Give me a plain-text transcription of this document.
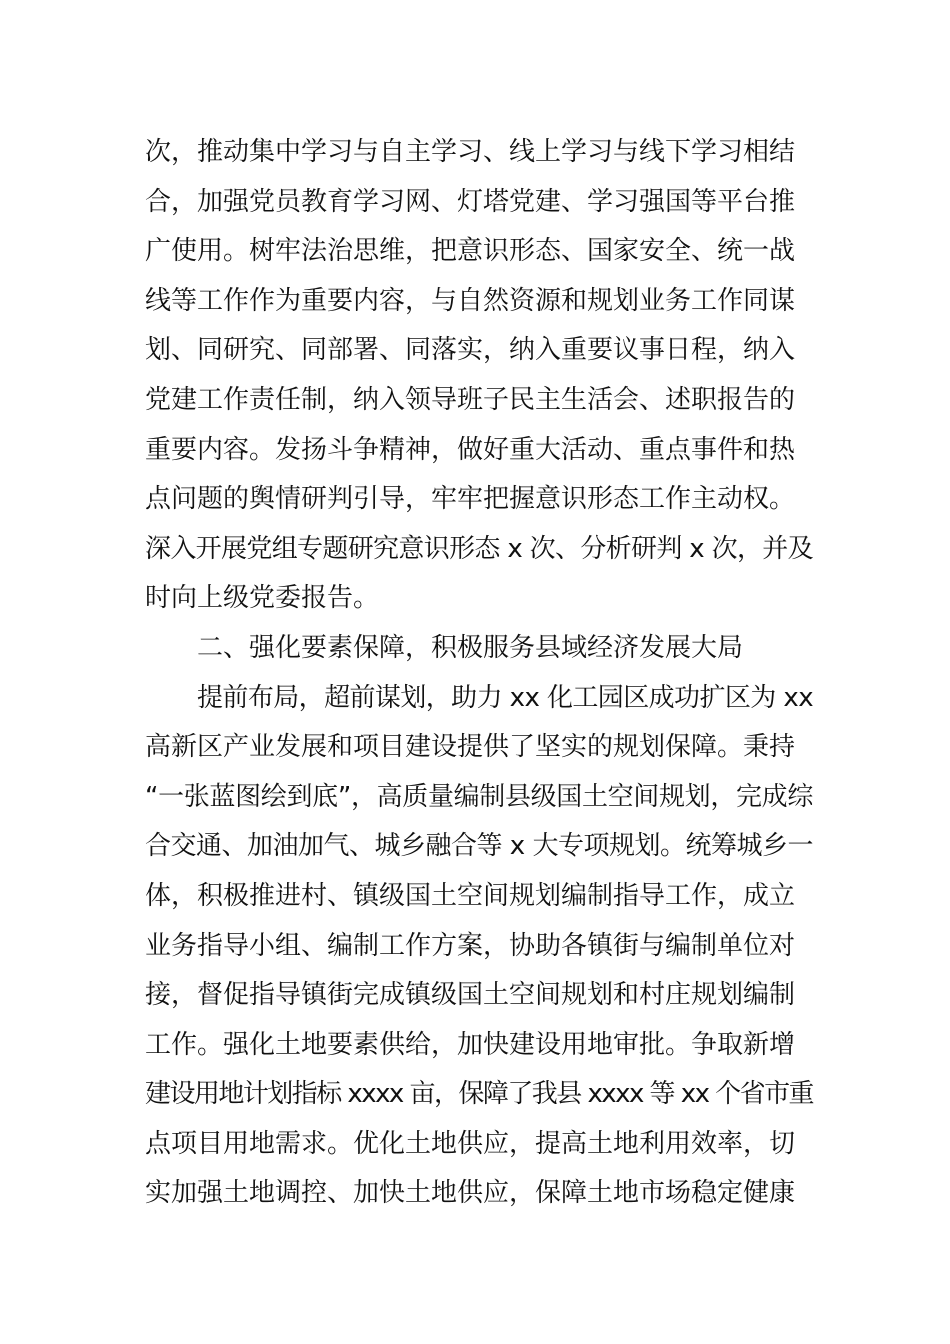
次，推动集中学习与自主学习、线上学习与线下学习相结
合，加强党员教育学习网、灯塔党建、学习强国等平台推
广使用。树牢法治思维，把意识形态、国家安全、统一战
线等工作作为重要内容，与自然资源和规划业务工作同谋
划、同研究、同部署、同落实，纳入重要议事日程，纳入
党建工作责任制，纳入领导班子民主生活会、述职报告的
重要内容。发扬斗争精神，做好重大活动、重点事件和热
点问题的舆情研判引导，牢牢把握意识形态工作主动权。
深入开展党组专题研究意识形态 x 次、分析研判 x 次，并及
时向上级党委报告。
二、强化要素保障，积极服务县域经济发展大局
提前布局，超前谋划，助力 xx 化工园区成功扩区为 xx
高新区产业发展和项目建设提供了坚实的规划保障。秉持
“一张蓝图绘到底”，高质量编制县级国土空间规划，完成综
合交通、加油加气、城乡融合等 x 大专项规划。统筹城乡一
体，积极推进村、镇级国土空间规划编制指导工作，成立
业务指导小组、编制工作方案，协助各镇街与编制单位对
接，督促指导镇街完成镇级国土空间规划和村庄规划编制
工作。强化土地要素供给，加快建设用地审批。争取新增
建设用地计划指标 xxxx 亩，保障了我县 xxxx 等 xx 个省市重
点项目用地需求。优化土地供应，提高土地利用效率，切
实加强土地调控、加快土地供应，保障土地市场稳定健康
